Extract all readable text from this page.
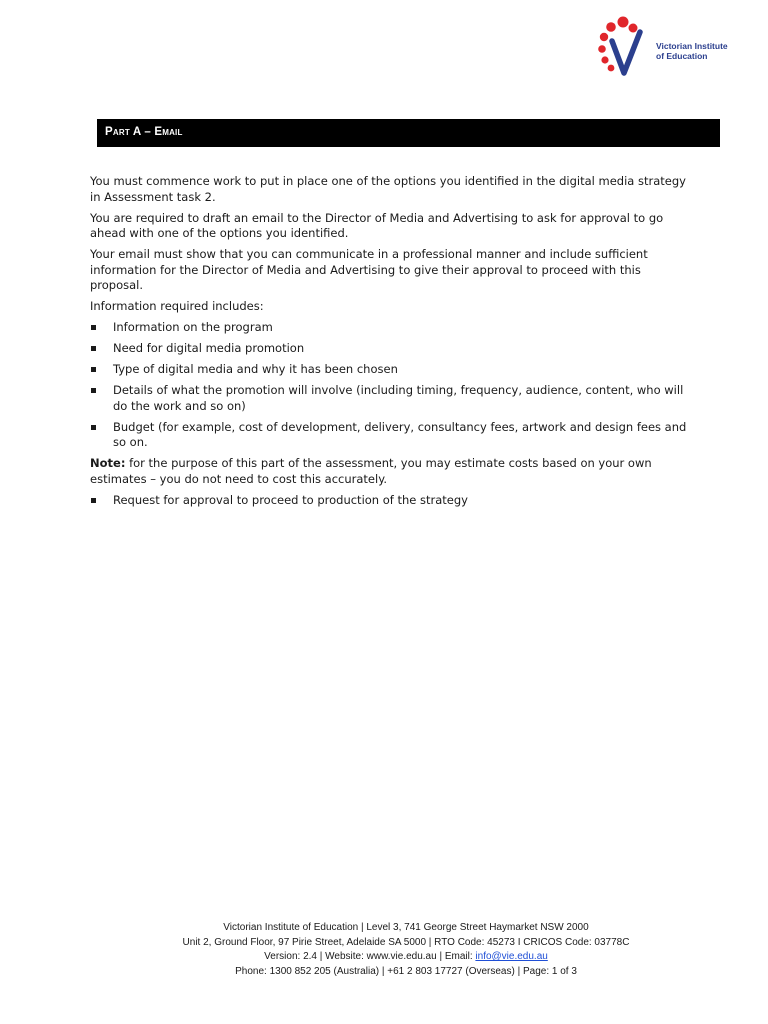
Victorian Institute
of Education
Part A – Email

You must commence work to put in place one of the options you identified in the digital media strategy in Assessment task 2.

You are required to draft an email to the Director of Media and Advertising to ask for approval to go ahead with one of the options you identified.

Your email must show that you can communicate in a professional manner and include sufficient information for the Director of Media and Advertising to give their approval to proceed with this proposal.

Information required includes:

Information on the program
Need for digital media promotion
Type of digital media and why it has been chosen
Details of what the promotion will involve (including timing, frequency, audience, content, who will do the work and so on)
Budget (for example, cost of development, delivery, consultancy fees, artwork and design fees and so on.

Note: for the purpose of this part of the assessment, you may estimate costs based on your own estimates – you do not need to cost this accurately.

Request for approval to proceed to production of the strategy
Victorian Institute of Education | Level 3, 741 George Street Haymarket NSW 2000
Unit 2, Ground Floor, 97 Pirie Street, Adelaide SA 5000 | RTO Code: 45273 I CRICOS Code: 03778C
Version: 2.4 | Website: www.vie.edu.au | Email: info@vie.edu.au
Phone: 1300 852 205 (Australia) | +61 2 803 17727 (Overseas) | Page: 1 of 3
